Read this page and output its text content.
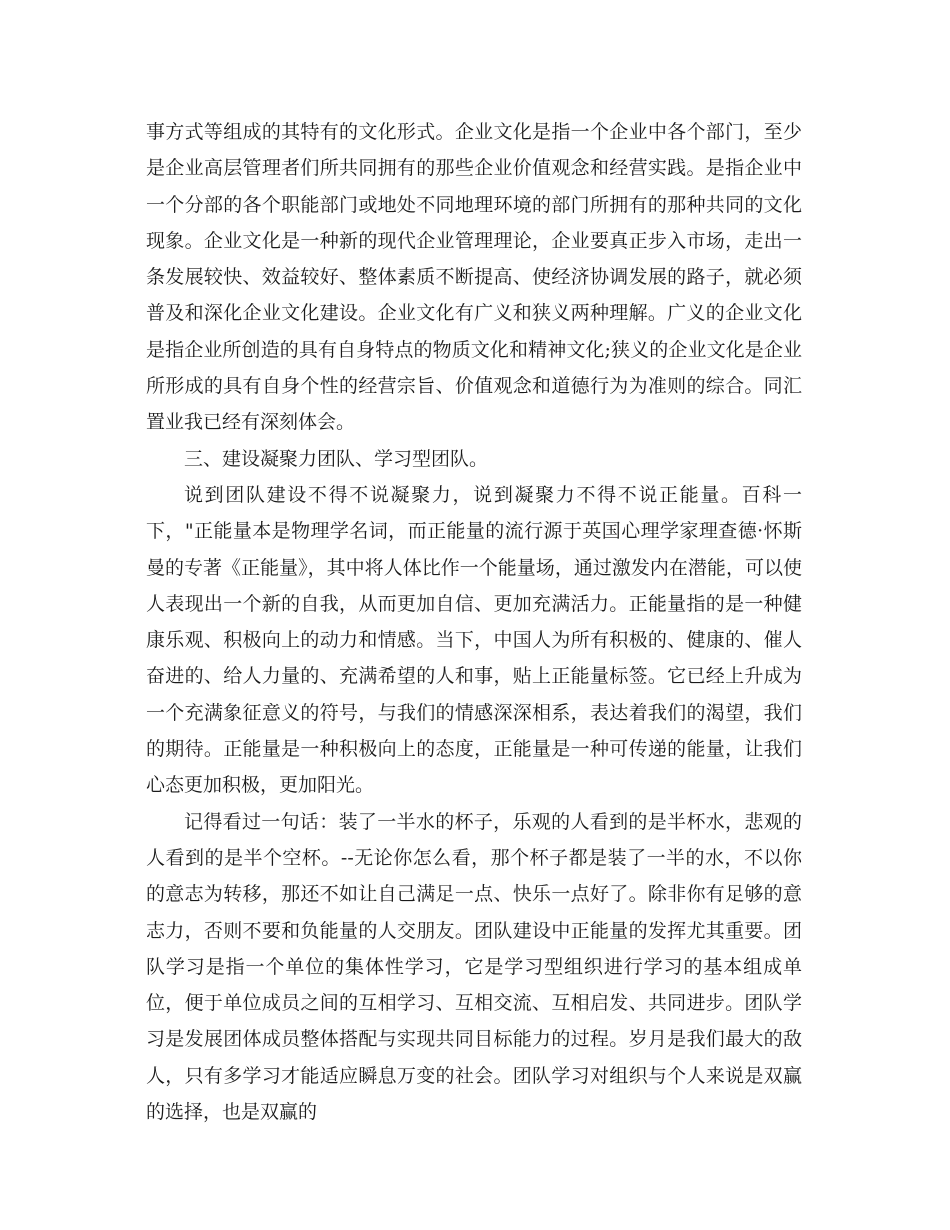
事方式等组成的其特有的文化形式。企业文化是指一个企业中各个部门，至少是企业高层管理者们所共同拥有的那些企业价值观念和经营实践。是指企业中一个分部的各个职能部门或地处不同地理环境的部门所拥有的那种共同的文化现象。企业文化是一种新的现代企业管理理论，企业要真正步入市场，走出一条发展较快、效益较好、整体素质不断提高、使经济协调发展的路子，就必须普及和深化企业文化建设。企业文化有广义和狭义两种理解。广义的企业文化是指企业所创造的具有自身特点的物质文化和精神文化;狭义的企业文化是企业所形成的具有自身个性的经营宗旨、价值观念和道德行为为准则的综合。同汇置业我已经有深刻体会。

三、建设凝聚力团队、学习型团队。

说到团队建设不得不说凝聚力，说到凝聚力不得不说正能量。百科一下，"正能量本是物理学名词，而正能量的流行源于英国心理学家理查德·怀斯曼的专著《正能量》，其中将人体比作一个能量场，通过激发内在潜能，可以使人表现出一个新的自我，从而更加自信、更加充满活力。正能量指的是一种健康乐观、积极向上的动力和情感。当下，中国人为所有积极的、健康的、催人奋进的、给人力量的、充满希望的人和事，贴上正能量标签。它已经上升成为一个充满象征意义的符号，与我们的情感深深相系，表达着我们的渴望，我们的期待。正能量是一种积极向上的态度，正能量是一种可传递的能量，让我们心态更加积极，更加阳光。

记得看过一句话：装了一半水的杯子，乐观的人看到的是半杯水，悲观的人看到的是半个空杯。--无论你怎么看，那个杯子都是装了一半的水，不以你的意志为转移，那还不如让自己满足一点、快乐一点好了。除非你有足够的意志力，否则不要和负能量的人交朋友。团队建设中正能量的发挥尤其重要。团队学习是指一个单位的集体性学习，它是学习型组织进行学习的基本组成单位，便于单位成员之间的互相学习、互相交流、互相启发、共同进步。团队学习是发展团体成员整体搭配与实现共同目标能力的过程。岁月是我们最大的敌人，只有多学习才能适应瞬息万变的社会。团队学习对组织与个人来说是双赢的选择，也是双赢的
